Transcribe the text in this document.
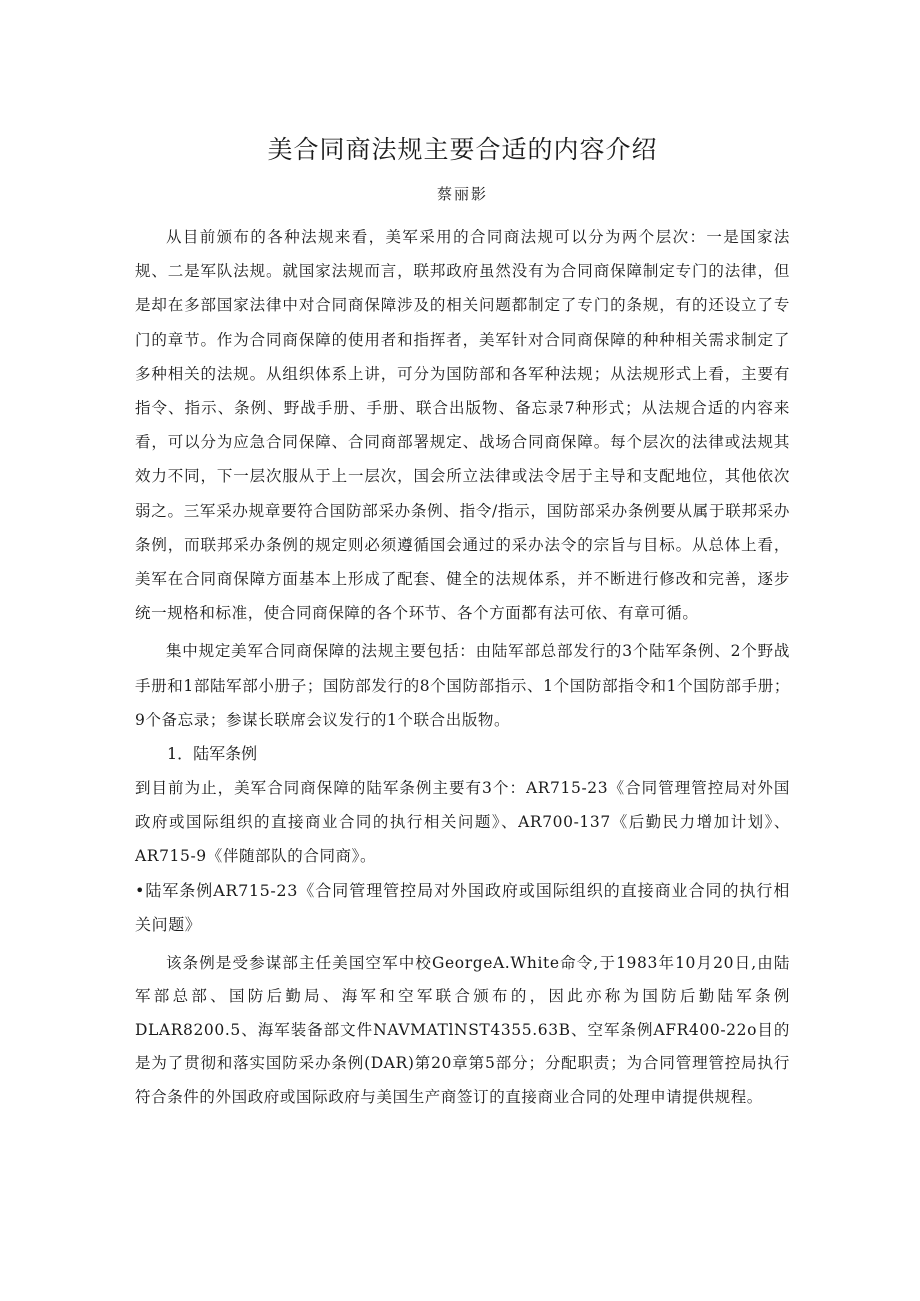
美合同商法规主要合适的内容介绍
蔡丽影

从目前颁布的各种法规来看，美军采用的合同商法规可以分为两个层次：一是国家法规、二是军队法规。就国家法规而言，联邦政府虽然没有为合同商保障制定专门的法律，但是却在多部国家法律中对合同商保障涉及的相关问题都制定了专门的条规，有的还设立了专门的章节。作为合同商保障的使用者和指挥者，美军针对合同商保障的种种相关需求制定了多种相关的法规。从组织体系上讲，可分为国防部和各军种法规；从法规形式上看，主要有指令、指示、条例、野战手册、手册、联合出版物、备忘录7种形式；从法规合适的内容来看，可以分为应急合同保障、合同商部署规定、战场合同商保障。每个层次的法律或法规其效力不同，下一层次服从于上一层次，国会所立法律或法令居于主导和支配地位，其他依次弱之。三军采办规章要符合国防部采办条例、指令/指示，国防部采办条例要从属于联邦采办条例，而联邦采办条例的规定则必须遵循国会通过的采办法令的宗旨与目标。从总体上看，美军在合同商保障方面基本上形成了配套、健全的法规体系，并不断进行修改和完善，逐步统一规格和标准，使合同商保障的各个环节、各个方面都有法可依、有章可循。

集中规定美军合同商保障的法规主要包括：由陆军部总部发行的3个陆军条例、2个野战手册和1部陆军部小册子；国防部发行的8个国防部指示、1个国防部指令和1个国防部手册；9个备忘录；参谋长联席会议发行的1个联合出版物。

1．陆军条例

到目前为止，美军合同商保障的陆军条例主要有3个：AR715-23《合同管理管控局对外国政府或国际组织的直接商业合同的执行相关问题》、AR700-137《后勤民力增加计划》、AR715-9《伴随部队的合同商》。

•陆军条例AR715-23《合同管理管控局对外国政府或国际组织的直接商业合同的执行相关问题》

该条例是受参谋部主任美国空军中校GeorgeA.White命令,于1983年10月20日,由陆军部总部、国防后勤局、海军和空军联合颁布的，因此亦称为国防后勤陆军条例DLAR8200.5、海军装备部文件NAVMATlNST4355.63B、空军条例AFR400-22o目的是为了贯彻和落实国防采办条例(DAR)第20章第5部分；分配职责；为合同管理管控局执行符合条件的外国政府或国际政府与美国生产商签订的直接商业合同的处理申请提供规程。
